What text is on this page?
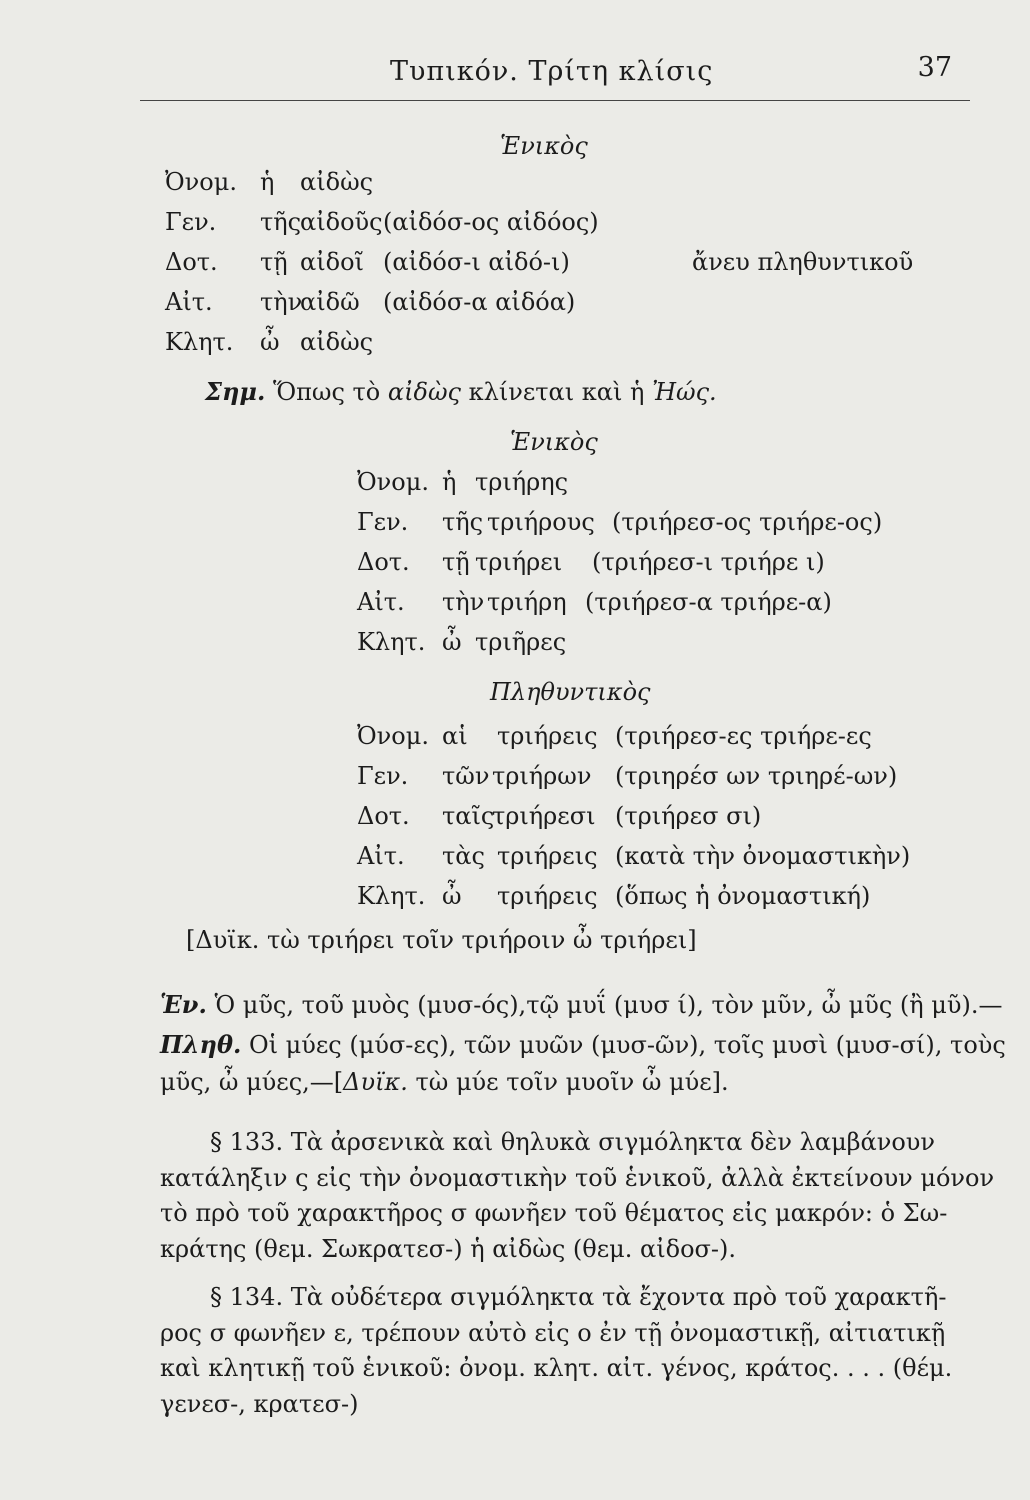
Τυπικόν. Τρίτη κλίσις	37
Ἑνικὸς
Ὀνομ. ἡ αἰδὼς
Γεν. τῆς
αἰδοῦς (αἰδόσ-ος αἰδόος)
Δοτ. τῇ αἰδοῖ (αἰδόσ-ι αἰδό-ι)
Αἰτ. τὴν
αἰδῶ (αἰδόσ-α αἰδόα)
Κλητ. ὦ αἰδὼς
ἄνευ πληθυντικοῦ
Σημ. Ὅπως τὸ αἰδὼς κλίνεται καὶ ἡ Ἠώς.
Ἑνικὸς
Ὀνομ. ἡ τριήρης
Γεν. τῆς τριήρους (τριήρεσ-ος τριήρε-ος)
Δοτ. τῇ τριήρει (τριήρεσ-ι τριήρε ι)
Αἰτ. τὴν τριήρη (τριήρεσ-α τριήρε-α)
Κλητ. ὦ τριῆρες
Πληθυντικὸς
Ὀνομ. αἱ τριήρεις (τριήρεσ-ες τριήρε-ες
Γεν. τῶν τριήρων (τριηρέσ ων τριηρέ-ων)
Δοτ. ταῖς
τριήρεσι (τριήρεσ σι)
Αἰτ. τὰς τριήρεις (κατὰ τὴν ὀνομαστικὴν)
Κλητ. ὦ τριήρεις (ὅπως ἡ ὀνομαστική)
[Δυϊκ. τὼ τριήρει τοῖν τριήροιν ὦ τριήρει]
Ἑν. Ὁ μῦς, τοῦ μυὸς (μυσ-ός),τῷ μυΐ (μυσ ί), τὸν μῦν, ὦ μῦς (ἢ μῦ).—
Πληθ. Οἱ μύες (μύσ-ες), τῶν μυῶν (μυσ-ῶν), τοῖς μυσὶ (μυσ-σί), τοὺς
μῦς, ὦ μύες,—[Δυϊκ. τὼ μύε τοῖν μυοῖν ὦ μύε].
§ 133. Τὰ ἀρσενικὰ καὶ θηλυκὰ σιγμόληκτα δὲν λαμβάνουν
κατάληξιν ς εἰς τὴν ὀνομαστικὴν τοῦ ἑνικοῦ, ἀλλὰ ἐκτείνουν μόνον
τὸ πρὸ τοῦ χαρακτῆρος σ φωνῆεν τοῦ θέματος εἰς μακρόν: ὁ Σω-
κράτης (θεμ. Σωκρατεσ-) ἡ αἰδὼς (θεμ. αἰδοσ-).
§ 134. Τὰ οὐδέτερα σιγμόληκτα τὰ ἔχοντα πρὸ τοῦ χαρακτῆ-
ρος σ φωνῆεν ε, τρέπουν αὐτὸ εἰς ο ἐν τῇ ὀνομαστικῇ, αἰτιατικῇ
καὶ κλητικῇ τοῦ ἑνικοῦ: ὀνομ. κλητ. αἰτ. γένος, κράτος. . . . (θέμ.
γενεσ-, κρατεσ-)
